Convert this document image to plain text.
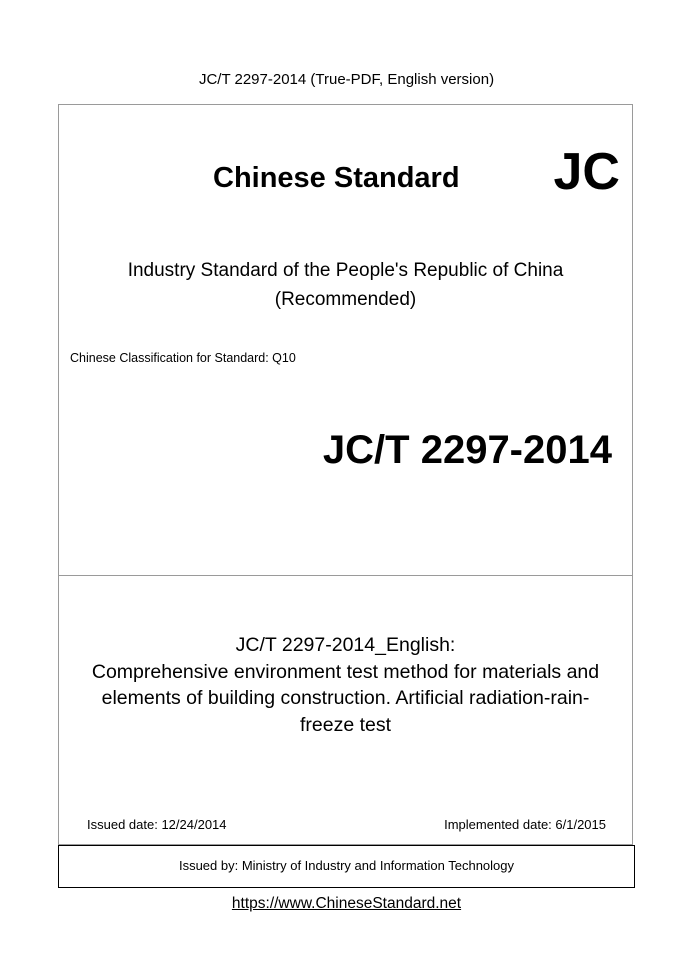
JC/T 2297-2014 (True-PDF, English version)
Chinese Standard JC
Industry Standard of the People's Republic of China
(Recommended)
Chinese Classification for Standard: Q10
JC/T 2297-2014
JC/T 2297-2014_English:
Comprehensive environment test method for materials and
elements of building construction. Artificial radiation-rain-
freeze test
Issued date: 12/24/2014	Implemented date: 6/1/2015
Issued by: Ministry of Industry and Information Technology
https://www.ChineseStandard.net
